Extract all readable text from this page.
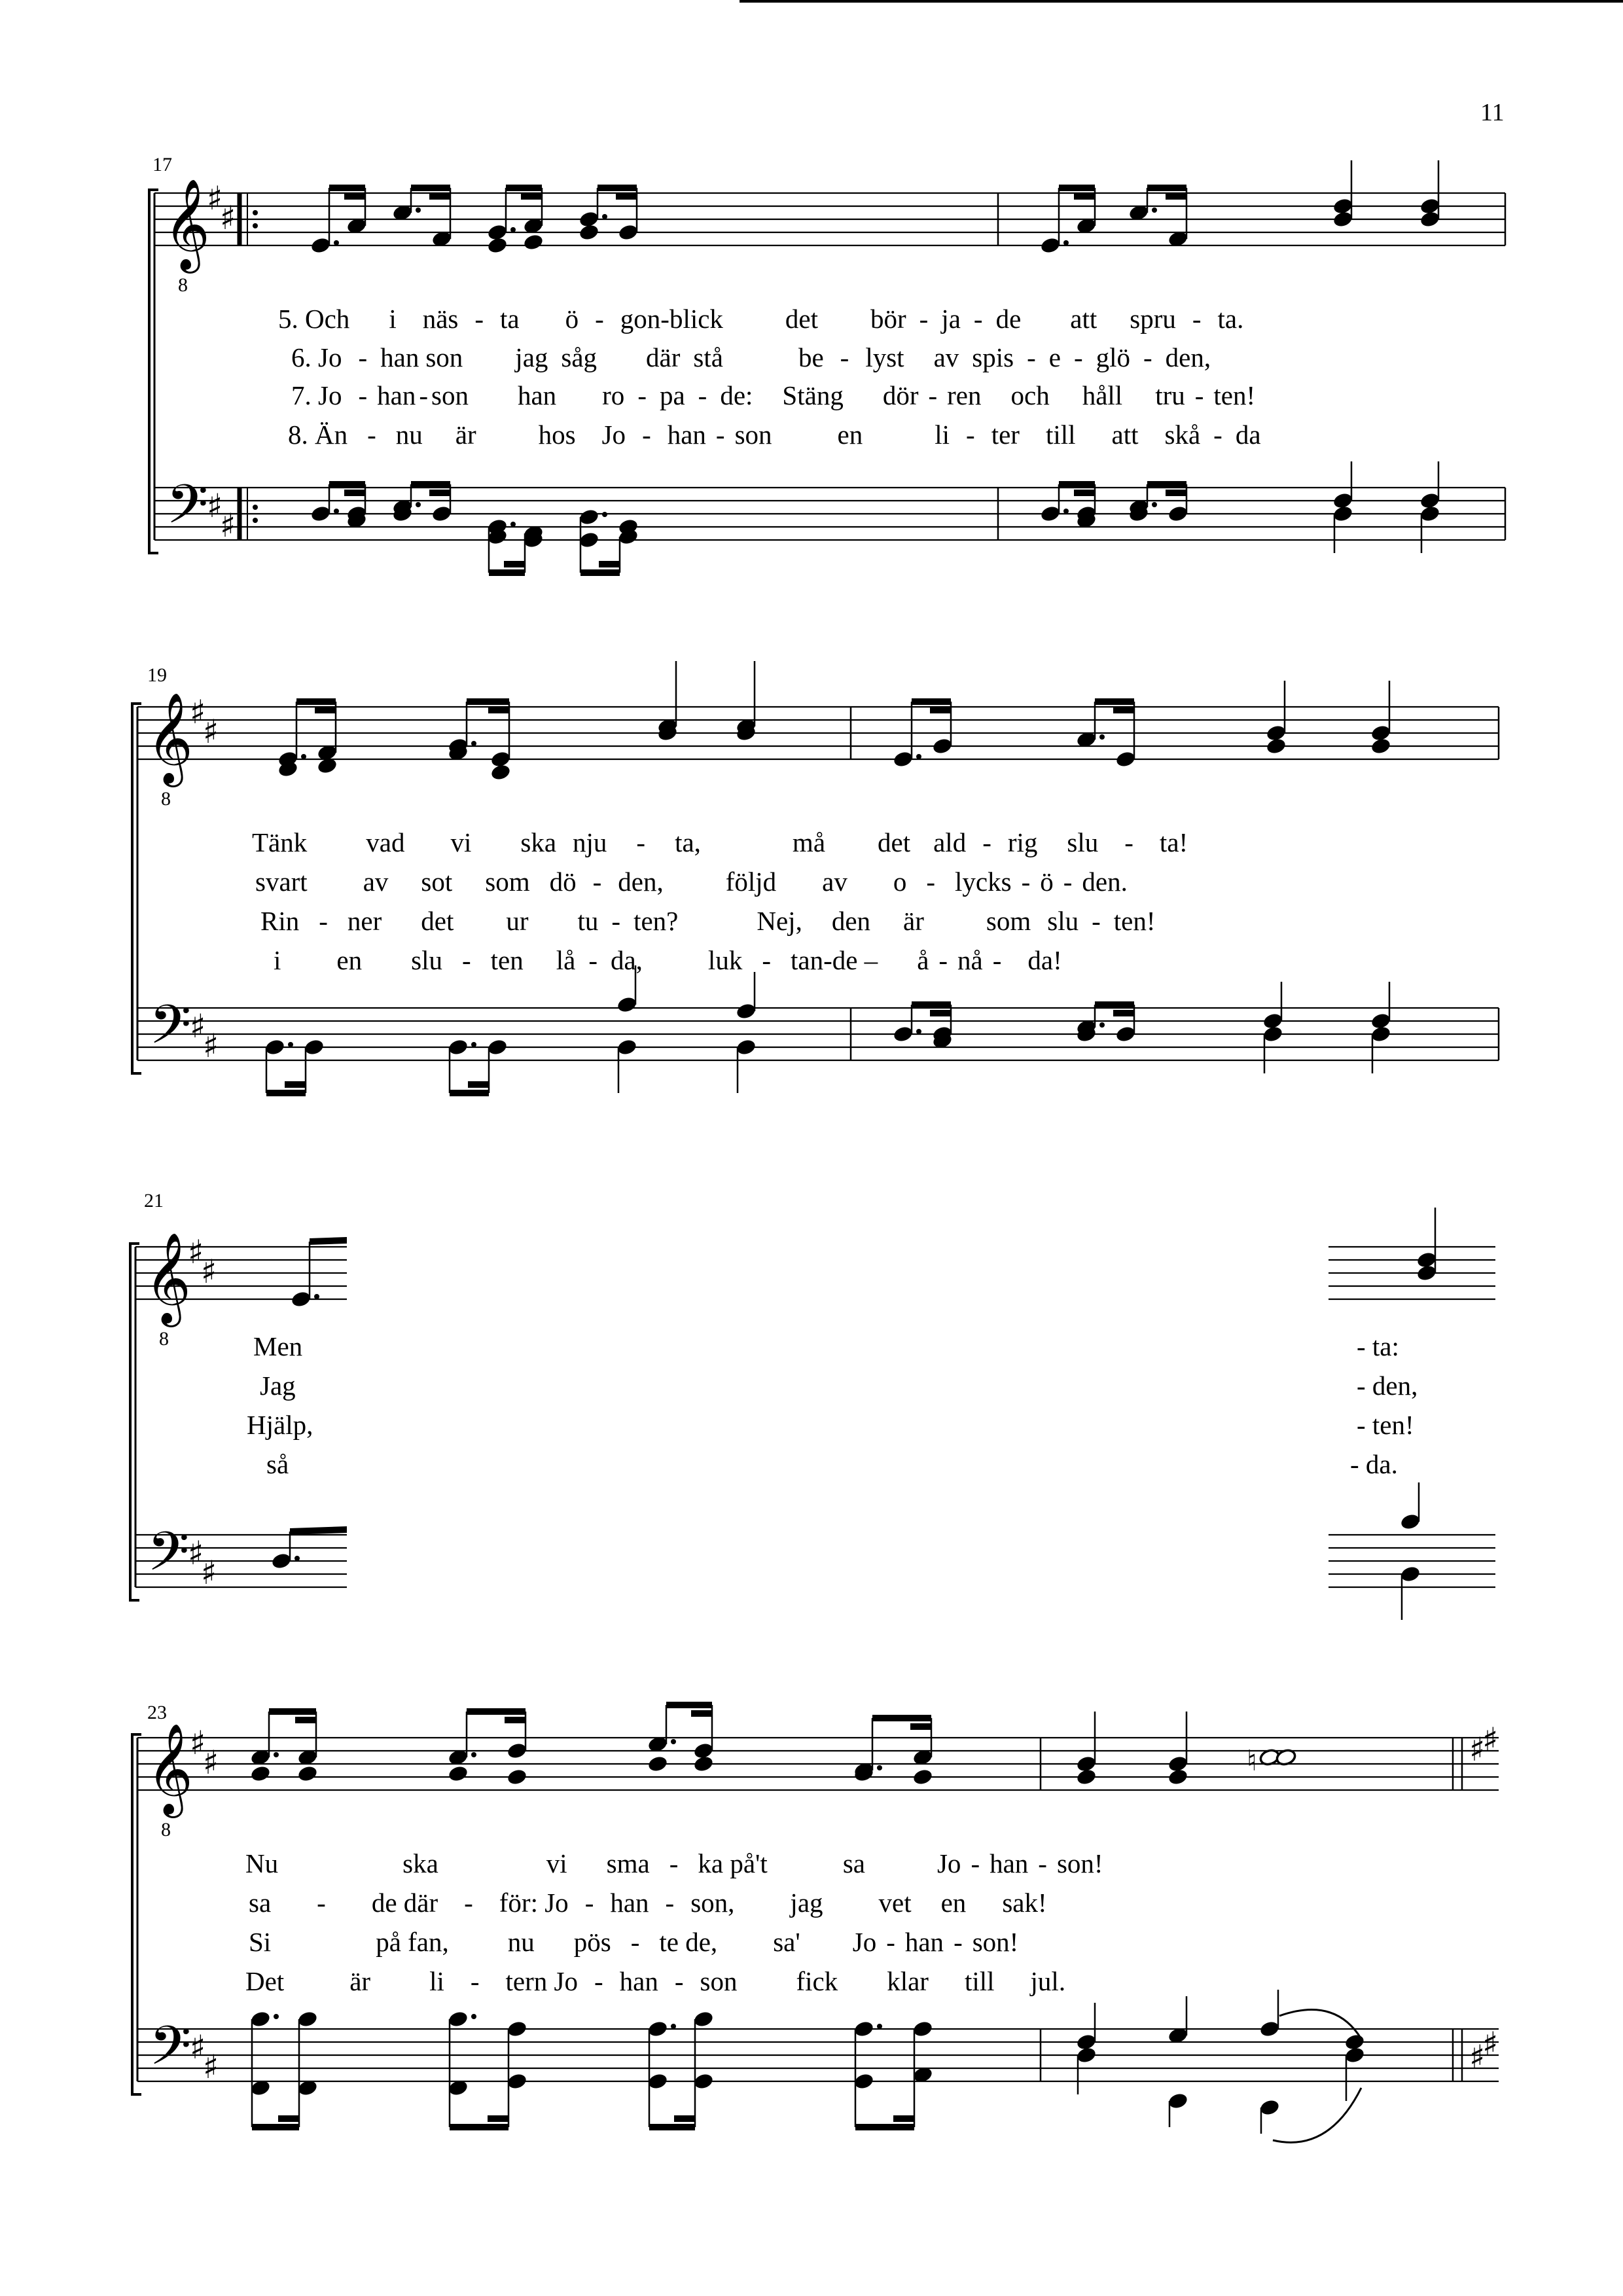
11
17
19
21
23
5. Och i näs - ta ö - gon-blick det bör - ja - de att spru - ta.
6. Jo - han son jag såg där stå	be - lyst av spis - e - glö - den,
7. Jo - han - son han ro - pa - de: Stäng dör - ren och håll tru - ten!
8. Än - nu är hos Jo - han - son en	li - ter till att skå - da
Tänk vad vi ska nju - ta,	må det ald - rig slu - ta!
svart av sot som dö - den, följd av o - lycks - ö - den.
Rin - ner det ur tu - ten?	Nej, den är som slu - ten!
i en slu - ten lå - da, luk - tan-de – å - nå - da!
Men
Jag
Hjälp,
så
- ta:
- den,
- ten!
- da.
Nu	ska	vi sma - ka på't	sa	Jo - han - son!
sa - de där - för: Jo - han - son, jag vet en sak!
Si	på fan, nu pös - te de, sa' Jo - han - son!
Det är li - tern Jo - han - son fick klar till jul.
𝄞
8
𝄢
♯
♯
♯
♯
𝄞
8
𝄢
♯
♯
♯
♯
𝄞
8
𝄢
♯
♯
♯
♯
𝄞
8
𝄢
♯
♯
♯
♯
♮	♯
♯
♯
♯
